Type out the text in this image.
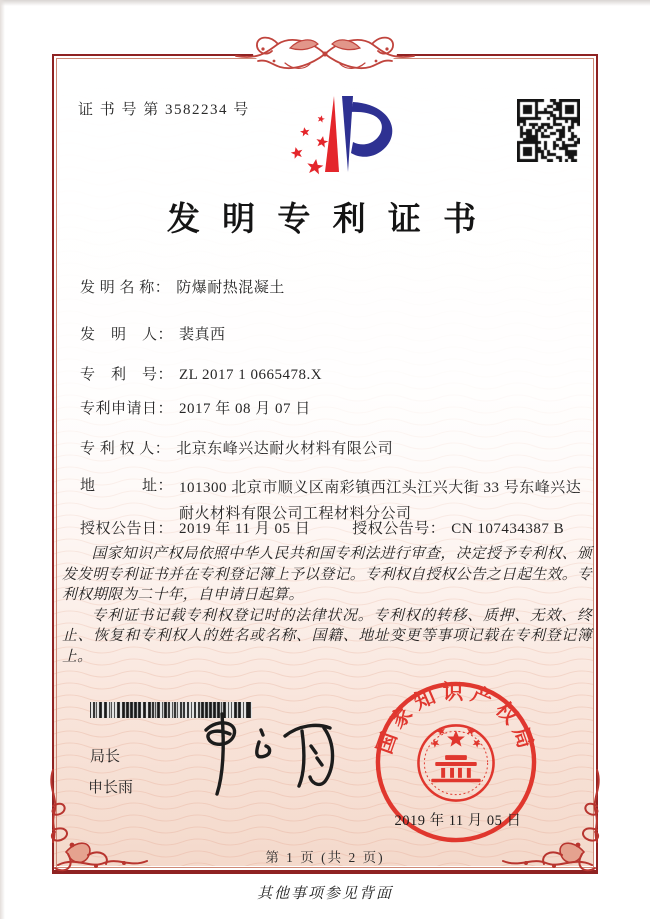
证 书 号 第 3582234 号
发 明 专 利 证 书
发 明 名 称： 防爆耐热混凝土
发　明　人： 裴真西
专　利　号： ZL 2017 1 0665478.X
专利申请日： 2017 年 08 月 07 日
专 利 权 人： 北京东峰兴达耐火材料有限公司
地　　　址： 101300 北京市顺义区南彩镇西江头江兴大街 33 号东峰兴达耐火材料有限公司工程材料分公司
授权公告日： 2019 年 11 月 05 日	授权公告号： CN 107434387 B

国家知识产权局依照中华人民共和国专利法进行审查，决定授予专利权、颁发发明专利证书并在专利登记簿上予以登记。专利权自授权公告之日起生效。专利权期限为二十年，自申请日起算。

专利证书记载专利权登记时的法律状况。专利权的转移、质押、无效、终止、恢复和专利权人的姓名或名称、国籍、地址变更等事项记载在专利登记簿上。

局长
申长雨
国家知识产权局
2019 年 11 月 05 日
第 1 页 (共 2 页)
其他事项参见背面
